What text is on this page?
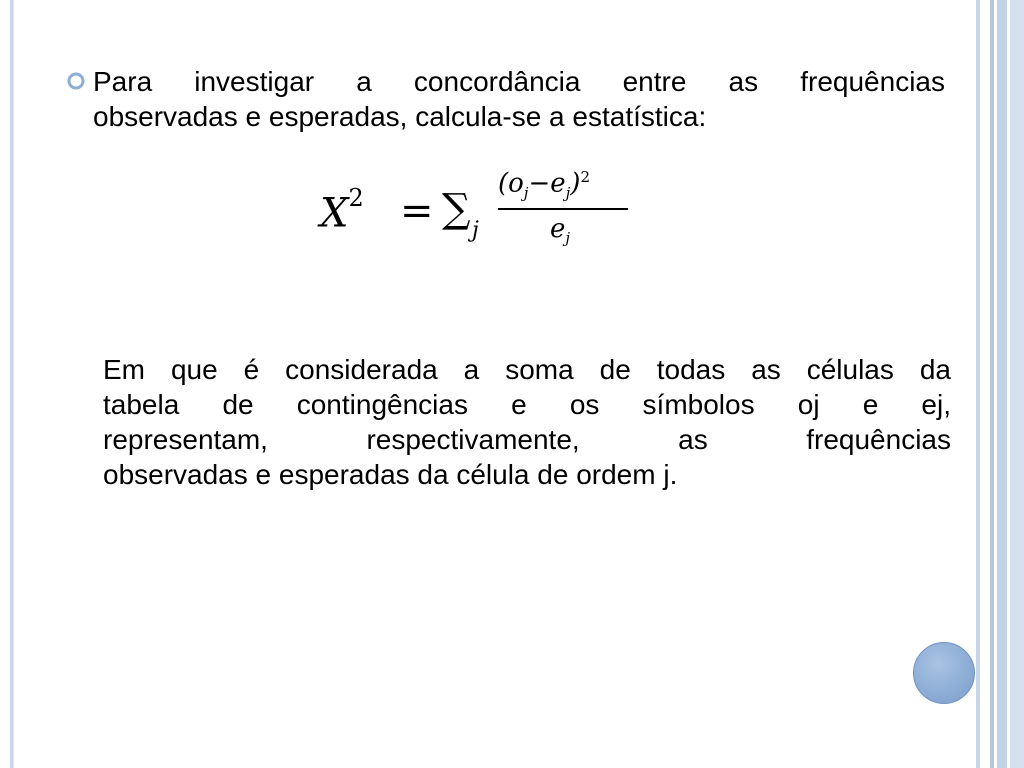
Para investigar a concordância entre as frequências
observadas e esperadas, calcula-se a estatística:
$X^2$ = ∑ j
$(o_j-e_j)^2$
$e_j$
Em que é considerada a soma de todas as células da
tabela de contingências e os símbolos oj e ej,
representam, respectivamente, as frequências
observadas e esperadas da célula de ordem j.
